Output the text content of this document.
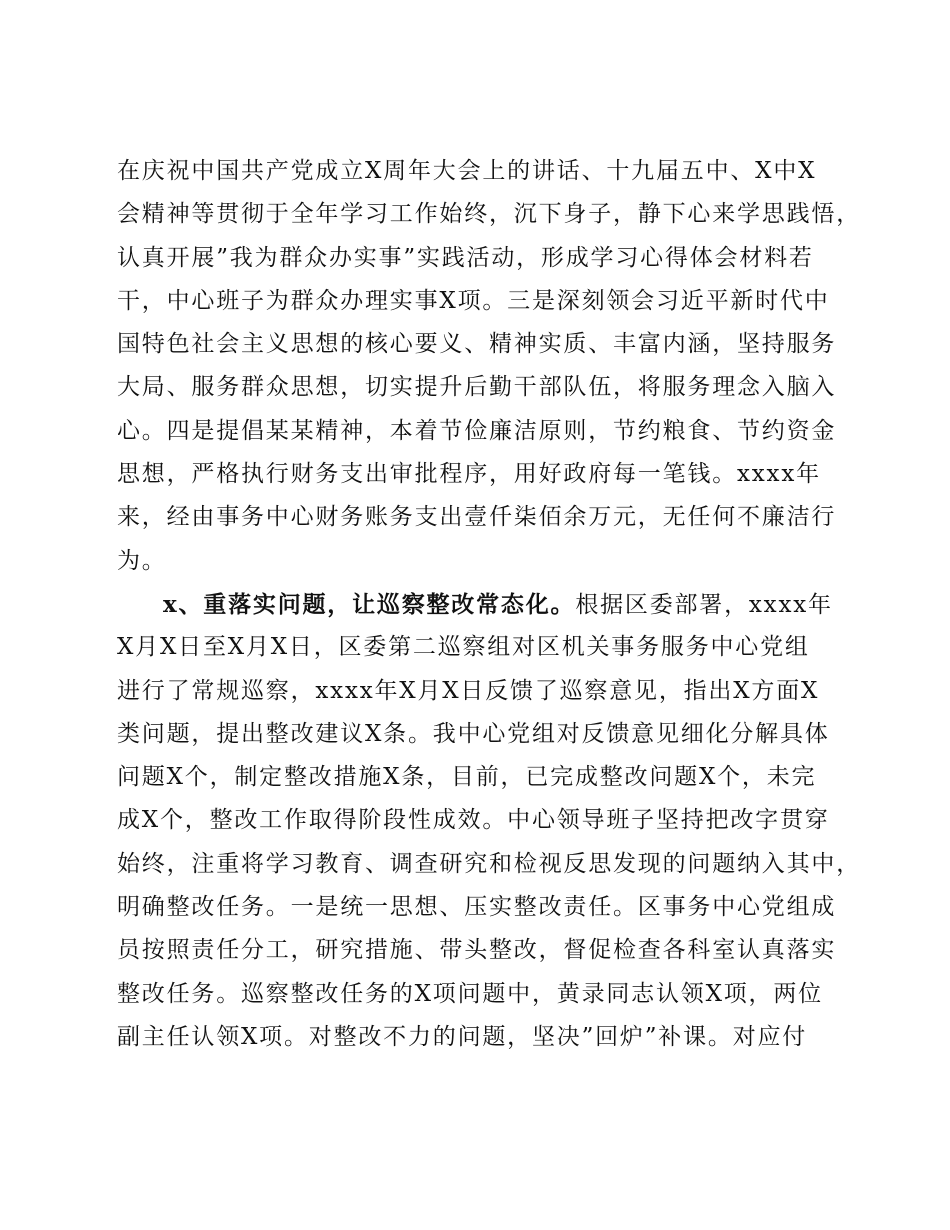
在庆祝中国共产党成立X周年大会上的讲话、十九届五中、X中X
会精神等贯彻于全年学习工作始终，沉下身子，静下心来学思践悟，
认真开展”我为群众办实事”实践活动，形成学习心得体会材料若
干，中心班子为群众办理实事X项。三是深刻领会习近平新时代中
国特色社会主义思想的核心要义、精神实质、丰富内涵，坚持服务
大局、服务群众思想，切实提升后勤干部队伍，将服务理念入脑入
心。四是提倡某某精神，本着节俭廉洁原则，节约粮食、节约资金
思想，严格执行财务支出审批程序，用好政府每一笔钱。xxxx年
来，经由事务中心财务账务支出壹仟柒佰余万元，无任何不廉洁行
为。
x、重落实问题，让巡察整改常态化。根据区委部署，xxxx年
X月X日至X月X日，区委第二巡察组对区机关事务服务中心党组
进行了常规巡察，xxxx年X月X日反馈了巡察意见，指出X方面X
类问题，提出整改建议X条。我中心党组对反馈意见细化分解具体
问题X个，制定整改措施X条，目前，已完成整改问题X个，未完
成X个，整改工作取得阶段性成效。中心领导班子坚持把改字贯穿
始终，注重将学习教育、调查研究和检视反思发现的问题纳入其中，
明确整改任务。一是统一思想、压实整改责任。区事务中心党组成
员按照责任分工，研究措施、带头整改，督促检查各科室认真落实
整改任务。巡察整改任务的X项问题中，黄录同志认领X项，两位
副主任认领X项。对整改不力的问题，坚决”回炉”补课。对应付
